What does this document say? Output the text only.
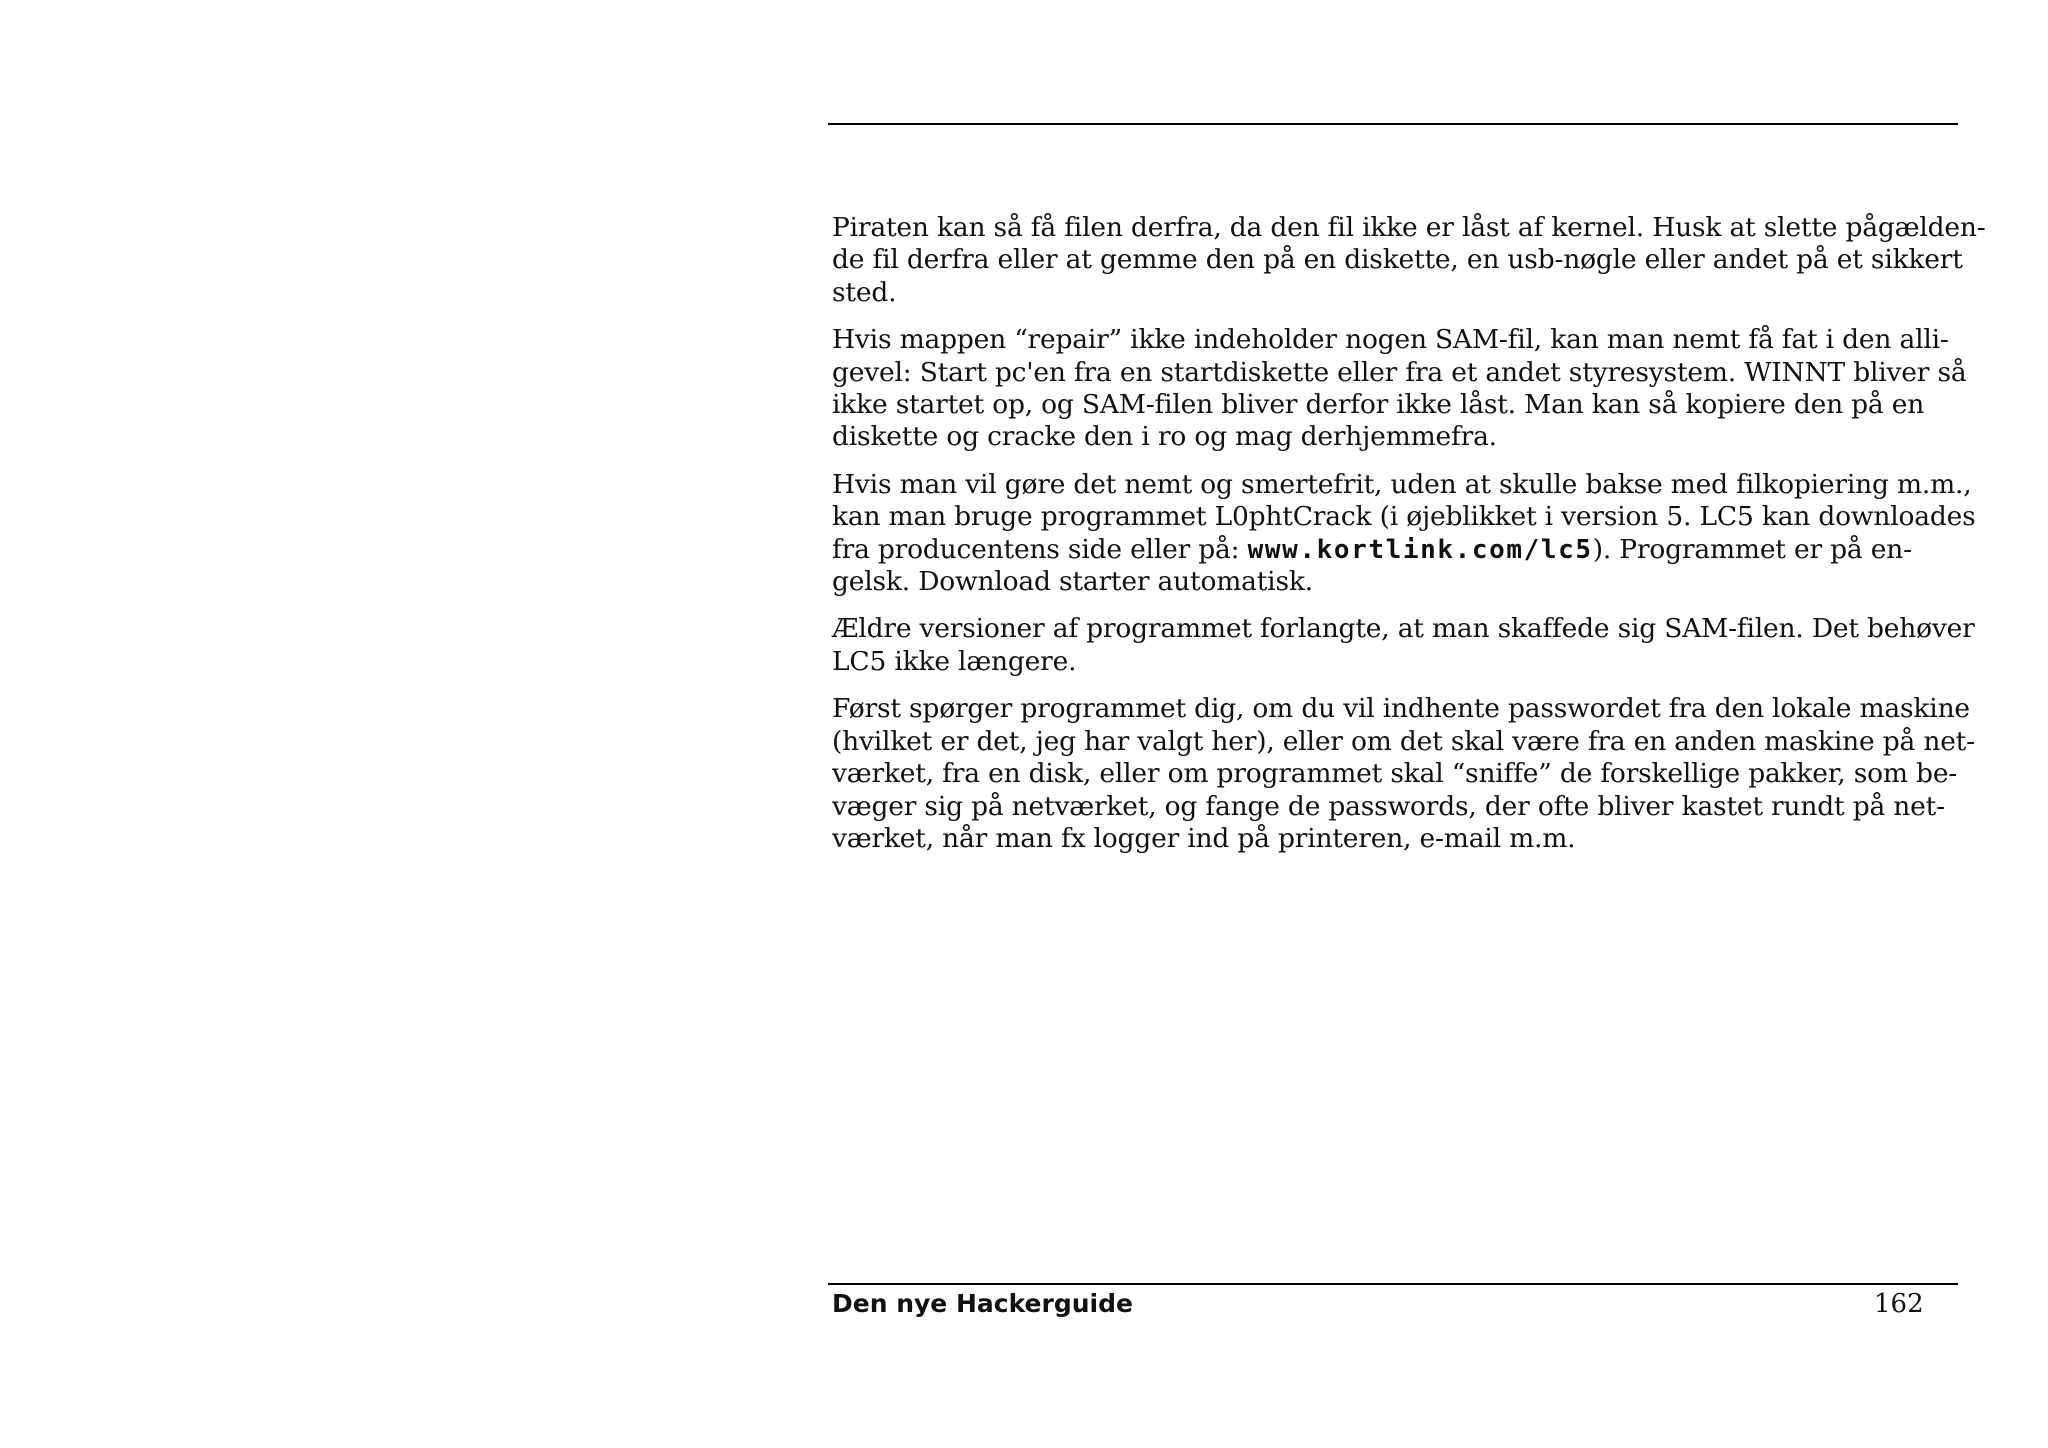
Piraten kan så få filen derfra, da den fil ikke er låst af kernel. Husk at slette pågælden-
de fil derfra eller at gemme den på en diskette, en usb-nøgle eller andet på et sikkert
sted.

Hvis mappen “repair” ikke indeholder nogen SAM-fil, kan man nemt få fat i den alli-
gevel: Start pc'en fra en startdiskette eller fra et andet styresystem. WINNT bliver så
ikke startet op, og SAM-filen bliver derfor ikke låst. Man kan så kopiere den på en
diskette og cracke den i ro og mag derhjemmefra.

Hvis man vil gøre det nemt og smertefrit, uden at skulle bakse med filkopiering m.m.,
kan man bruge programmet L0phtCrack (i øjeblikket i version 5. LC5 kan downloades
fra producentens side eller på: www.kortlink.com/lc5). Programmet er på en-
gelsk. Download starter automatisk.

Ældre versioner af programmet forlangte, at man skaffede sig SAM-filen. Det behøver
LC5 ikke længere.

Først spørger programmet dig, om du vil indhente passwordet fra den lokale maskine
(hvilket er det, jeg har valgt her), eller om det skal være fra en anden maskine på net-
værket, fra en disk, eller om programmet skal “sniffe” de forskellige pakker, som be-
væger sig på netværket, og fange de passwords, der ofte bliver kastet rundt på net-
værket, når man fx logger ind på printeren, e-mail m.m.

Den nye Hackerguide	162
